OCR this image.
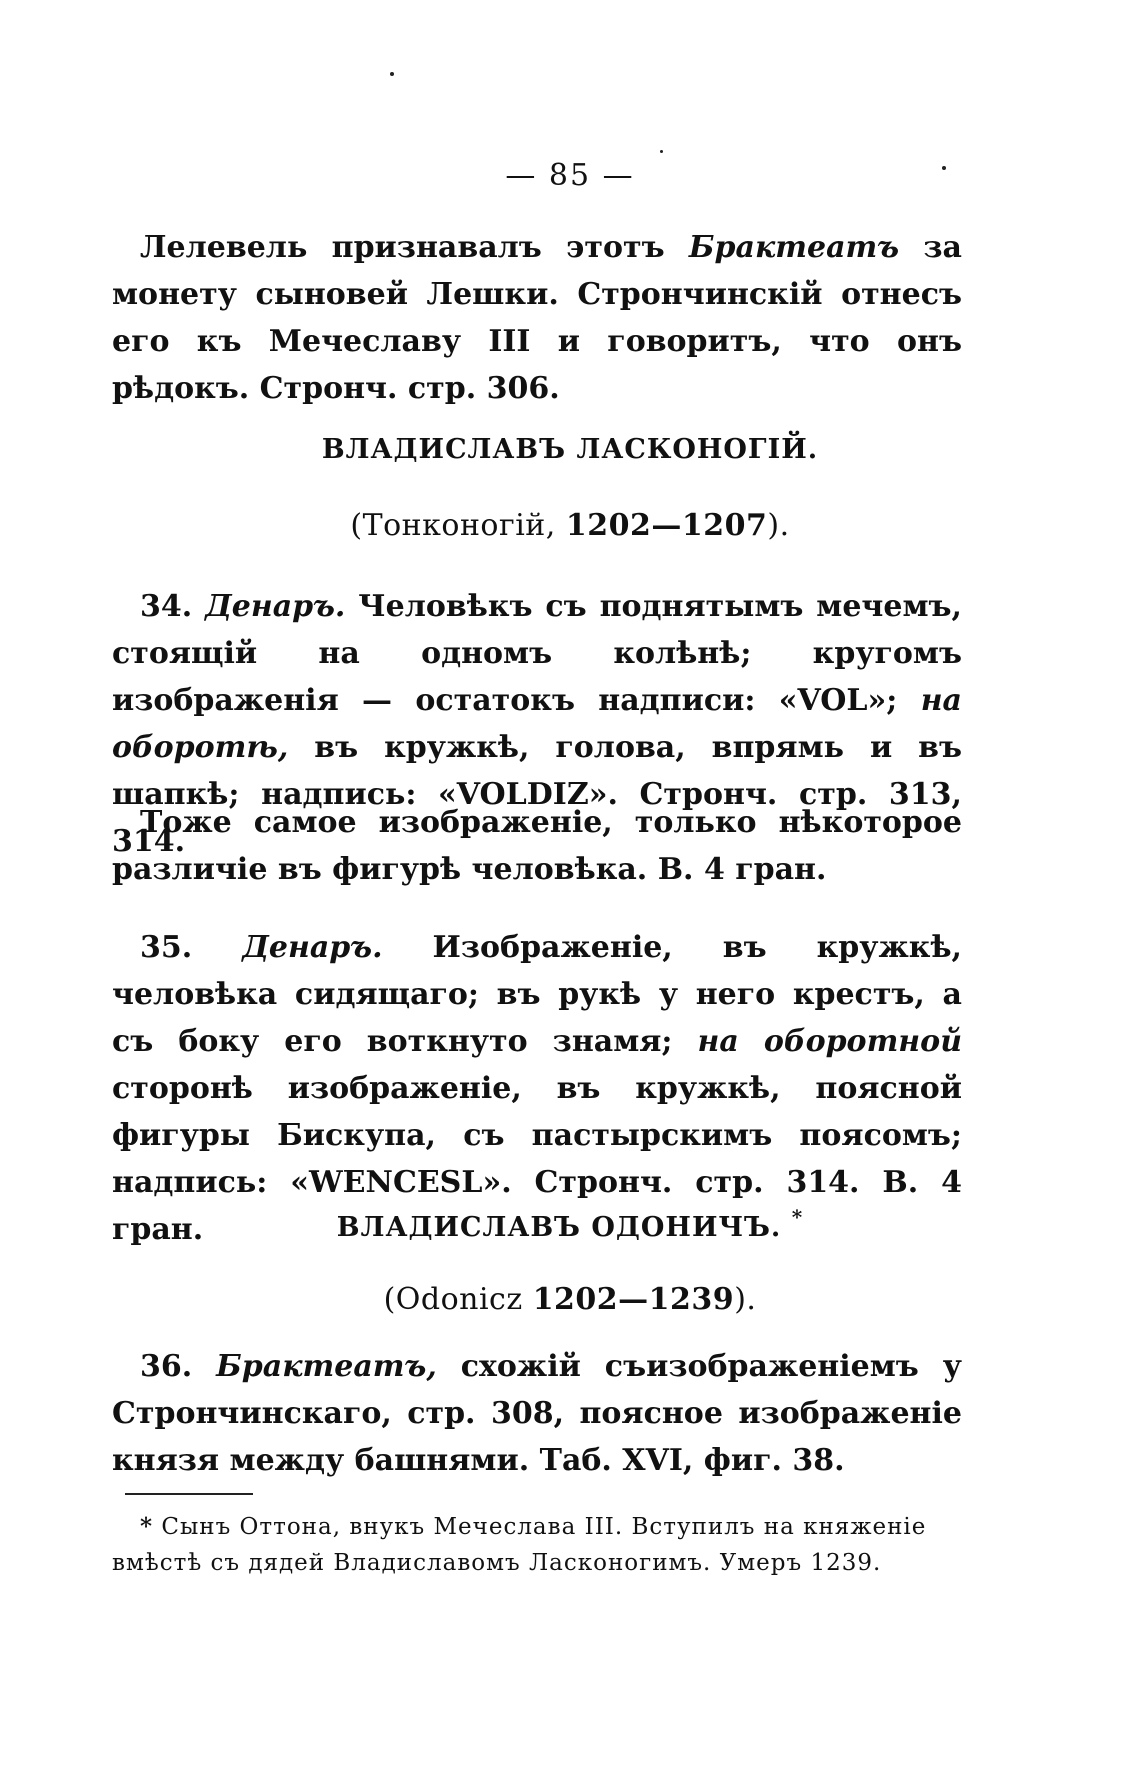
— 85 —

Лелевель признавалъ этотъ Брактеатъ за монету сыновей Лешки. Стрончинскій отнесъ его къ Мечеславу III и говоритъ, что онъ рѣдокъ. Стронч. стр. 306.

ВЛАДИСЛАВЪ ЛАСКОНОГІЙ.
(Тонконогій, 1202—1207).

34. Денаръ. Человѣкъ съ поднятымъ мечемъ, стоящій на одномъ колѣнѣ; кругомъ изображенія — остатокъ надписи: «VOL»; на оборотѣ, въ кружкѣ, голова, впрямь и въ шапкѣ; надпись: «VOLDIZ». Стронч. стр. 313, 314.

Тоже самое изображеніе, только нѣкоторое различіе въ фигурѣ человѣка. В. 4 гран.

35. Денаръ. Изображеніе, въ кружкѣ, человѣка сидящаго; въ рукѣ у него крестъ, а съ боку его воткнуто знамя; на оборотной сторонѣ изображеніе, въ кружкѣ, поясной фигуры Бискупа, съ пастырскимъ поясомъ; надпись: «WENCESL». Стронч. стр. 314. В. 4 гран.	ВЛАДИСЛАВЪ ОДОНИЧЪ. *
(Odonicz 1202—1239).

36. Брактеатъ, схожій съизображеніемъ у Стрончинскаго, стр. 308, поясное изображеніе князя между башнями. Таб. XVI, фиг. 38.

* Сынъ Оттона, внукъ Мечеслава III. Вступилъ на княженіе вмѣстѣ съ дядей Владиславомъ Ласконогимъ. Умеръ 1239.
